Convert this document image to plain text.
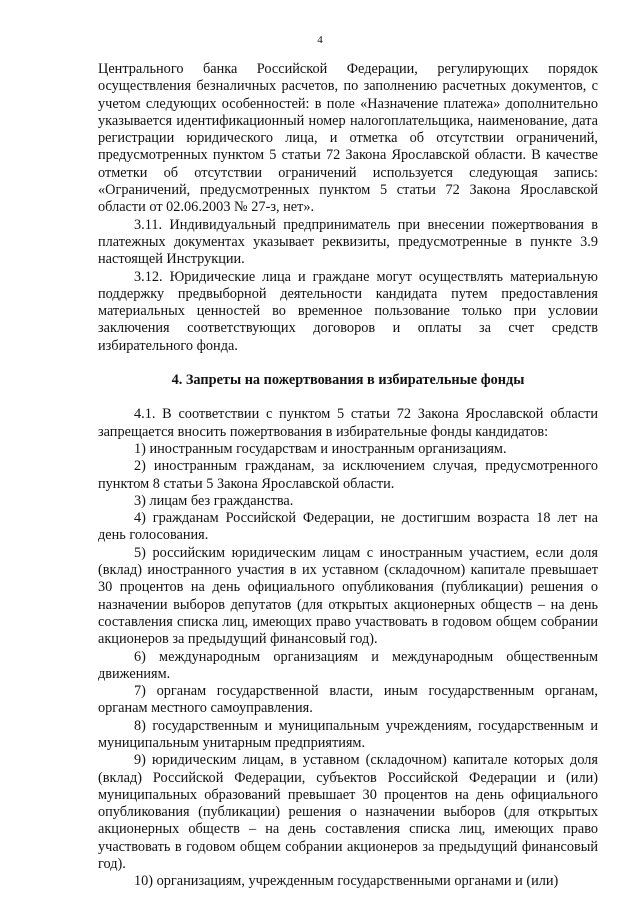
4

Центрального банка Российской Федерации, регулирующих порядок осуществления безналичных расчетов, по заполнению расчетных документов, с учетом следующих особенностей: в поле «Назначение платежа» дополнительно указывается идентификационный номер налогоплательщика, наименование, дата регистрации юридического лица, и отметка об отсутствии ограничений, предусмотренных пунктом 5 статьи 72 Закона Ярославской области. В качестве отметки об отсутствии ограничений используется следующая запись: «Ограничений, предусмотренных пунктом 5 статьи 72 Закона Ярославской области от 02.06.2003 № 27-з, нет».

3.11. Индивидуальный предприниматель при внесении пожертвования в платежных документах указывает реквизиты, предусмотренные в пункте 3.9 настоящей Инструкции.

3.12. Юридические лица и граждане могут осуществлять материальную поддержку предвыборной деятельности кандидата путем предоставления материальных ценностей во временное пользование только при условии заключения соответствующих договоров и оплаты за счет средств избирательного фонда.

4. Запреты на пожертвования в избирательные фонды

4.1. В соответствии с пунктом 5 статьи 72 Закона Ярославской области запрещается вносить пожертвования в избирательные фонды кандидатов:

1) иностранным государствам и иностранным организациям.

2) иностранным гражданам, за исключением случая, предусмотренного пунктом 8 статьи 5 Закона Ярославской области.

3) лицам без гражданства.

4) гражданам Российской Федерации, не достигшим возраста 18 лет на день голосования.

5) российским юридическим лицам с иностранным участием, если доля (вклад) иностранного участия в их уставном (складочном) капитале превышает 30 процентов на день официального опубликования (публикации) решения о назначении выборов депутатов (для открытых акционерных обществ – на день составления списка лиц, имеющих право участвовать в годовом общем собрании акционеров за предыдущий финансовый год).

6) международным организациям и международным общественным движениям.

7) органам государственной власти, иным государственным органам, органам местного самоуправления.

8) государственным и муниципальным учреждениям, государственным и муниципальным унитарным предприятиям.

9) юридическим лицам, в уставном (складочном) капитале которых доля (вклад) Российской Федерации, субъектов Российской Федерации и (или) муниципальных образований превышает 30 процентов на день официального опубликования (публикации) решения о назначении выборов (для открытых акционерных обществ – на день составления списка лиц, имеющих право участвовать в годовом общем собрании акционеров за предыдущий финансовый год).

10) организациям, учрежденным государственными органами и (или)
